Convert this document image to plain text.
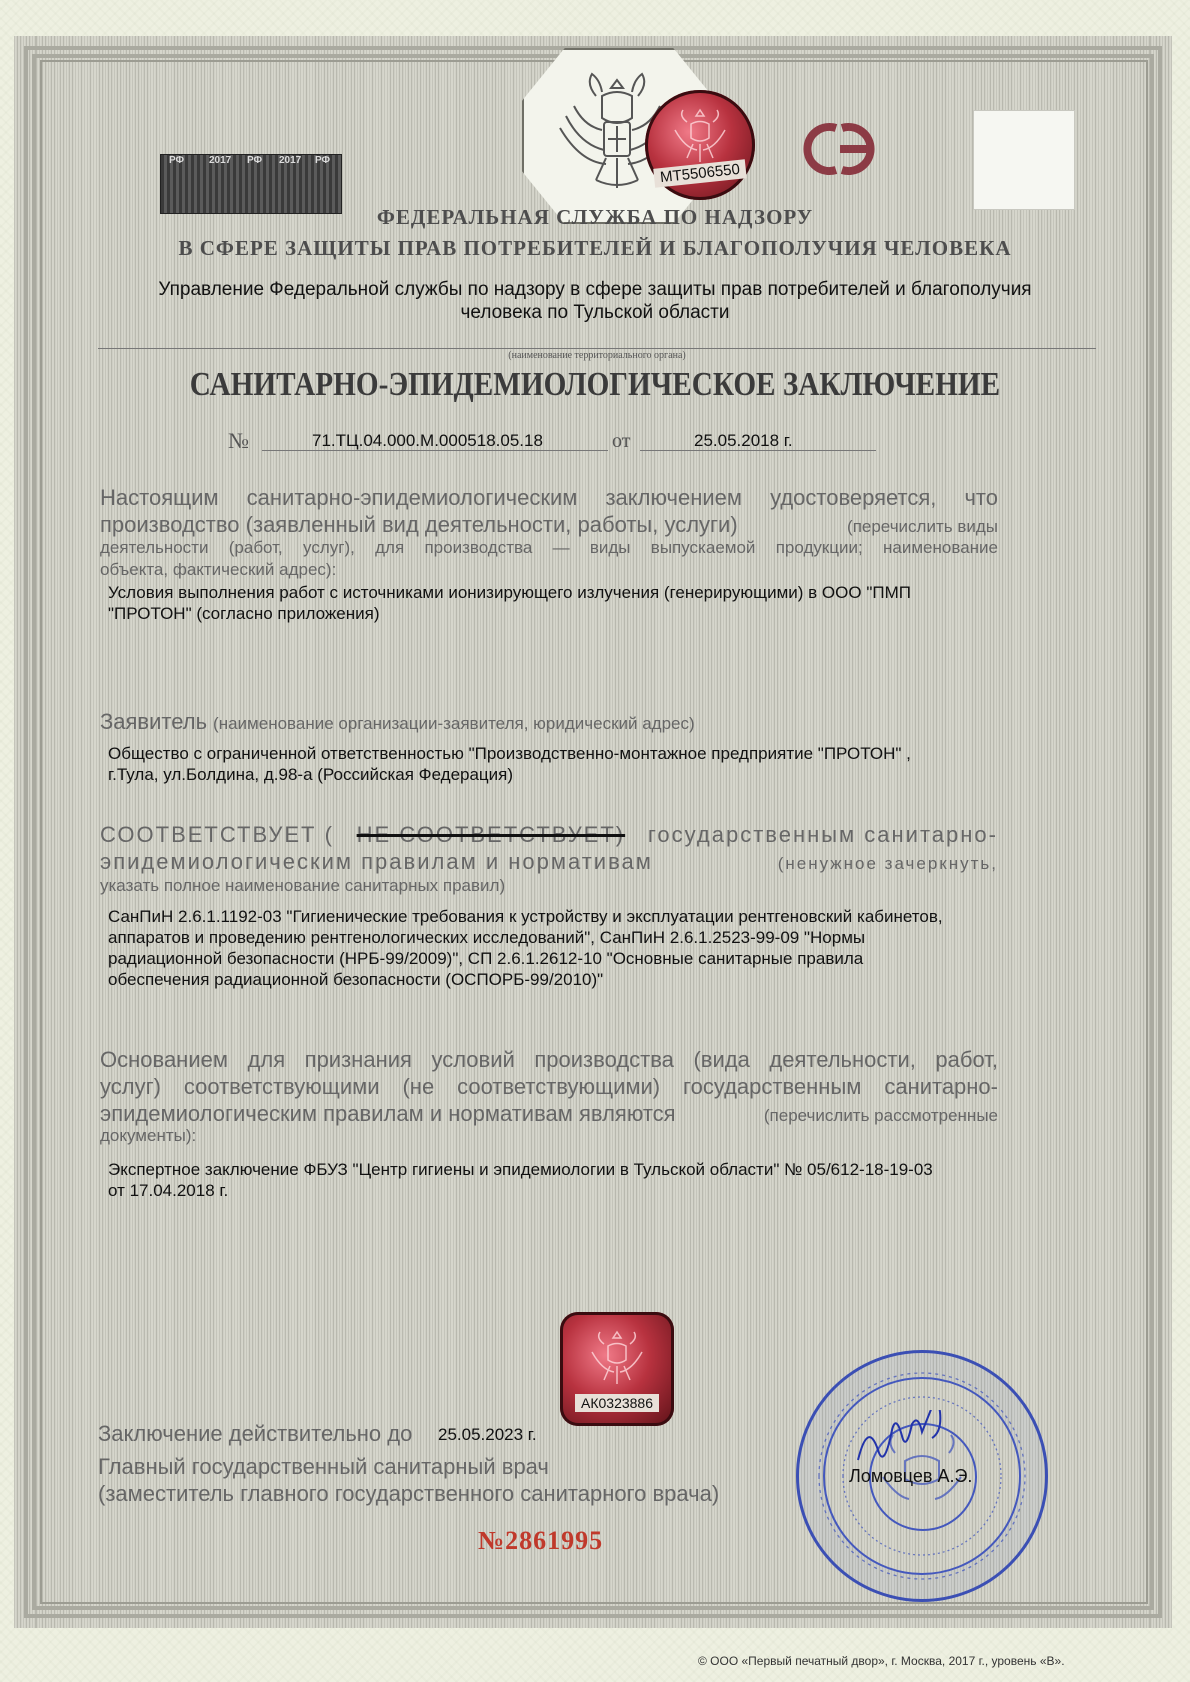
РФ 2017 РФ 2017 РФ
МТ5506550
ФЕДЕРАЛЬНАЯ СЛУЖБА ПО НАДЗОРУ
В СФЕРЕ ЗАЩИТЫ ПРАВ ПОТРЕБИТЕЛЕЙ И БЛАГОПОЛУЧИЯ ЧЕЛОВЕКА
Управление Федеральной службы по надзору в сфере защиты прав потребителей и благополучия
человека по Тульской области
(наименование территориального органа)
САНИТАРНО-ЭПИДЕМИОЛОГИЧЕСКОЕ ЗАКЛЮЧЕНИЕ
№	71.ТЦ.04.000.М.000518.05.18	от	25.05.2018 г.
Настоящим санитарно-эпидемиологическим заключением удостоверяется, что
производство (заявленный вид деятельности, работы, услуги)	(перечислить виды
деятельности (работ, услуг), для производства — виды выпускаемой продукции; наименование
объекта, фактический адрес):
Условия выполнения работ с источниками ионизирующего излучения (генерирующими) в ООО "ПМП
"ПРОТОН" (согласно приложения)
Заявитель (наименование организации-заявителя, юридический адрес)
Общество с ограниченной ответственностью "Производственно-монтажное предприятие "ПРОТОН" ,
г.Тула, ул.Болдина, д.98-а (Российская Федерация)
СООТВЕТСТВУЕТ ( НЕ СООТВЕТСТВУЕТ) государственным санитарно-
эпидемиологическим правилам и нормативам	(ненужное зачеркнуть,
указать полное наименование санитарных правил)
СанПиН 2.6.1.1192-03 "Гигиенические требования к устройству и эксплуатации рентгеновский кабинетов,
аппаратов и проведению рентгенологических исследований", СанПиН 2.6.1.2523-99-09 "Нормы
радиационной безопасности (НРБ-99/2009)", СП 2.6.1.2612-10 "Основные санитарные правила
обеспечения радиационной безопасности (ОСПОРБ-99/2010)"
Основанием для признания условий производства (вида деятельности, работ,
услуг) соответствующими (не соответствующими) государственным санитарно-
эпидемиологическим правилам и нормативам являются	(перечислить рассмотренные
документы):
Экспертное заключение ФБУЗ "Центр гигиены и эпидемиологии в Тульской области" № 05/612-18-19-03
от 17.04.2018 г.
АК0323886
Заключение действительно до 25.05.2023 г.
Главный государственный санитарный врач
(заместитель главного государственного санитарного врача)
Ломовцев А.Э.
№2861995
© ООО «Первый печатный двор», г. Москва, 2017 г., уровень «В».
